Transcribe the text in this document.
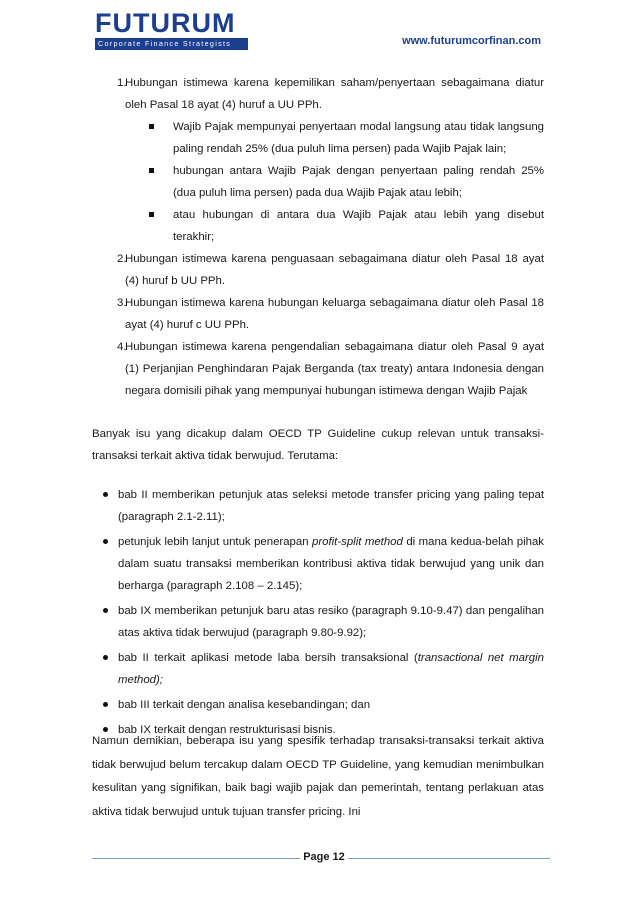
FUTURUM
Corporate Finance Strategists	www.futurumcorfinan.com
1.
Hubungan istimewa karena kepemilikan saham/penyertaan sebagaimana diatur oleh Pasal 18 ayat (4) huruf a UU PPh.
Wajib Pajak mempunyai penyertaan modal langsung atau tidak langsung paling rendah 25% (dua puluh lima persen) pada Wajib Pajak lain;
hubungan antara Wajib Pajak dengan penyertaan paling rendah 25% (dua puluh lima persen) pada dua Wajib Pajak atau lebih;
atau hubungan di antara dua Wajib Pajak atau lebih yang disebut terakhir;
2.
Hubungan istimewa karena penguasaan sebagaimana diatur oleh Pasal 18 ayat (4) huruf b UU PPh.
3.
Hubungan istimewa karena hubungan keluarga sebagaimana diatur oleh Pasal 18 ayat (4) huruf c UU PPh.
4.
Hubungan istimewa karena pengendalian sebagaimana diatur oleh Pasal 9 ayat (1) Perjanjian Penghindaran Pajak Berganda (tax treaty) antara Indonesia dengan negara domisili pihak yang mempunyai hubungan istimewa dengan Wajib Pajak
Banyak isu yang dicakup dalam OECD TP Guideline cukup relevan untuk transaksi-transaksi terkait aktiva tidak berwujud. Terutama:
bab II memberikan petunjuk atas seleksi metode transfer pricing yang paling tepat (paragraph 2.1-2.11);
petunjuk lebih lanjut untuk penerapan profit-split method di mana kedua-belah pihak dalam suatu transaksi memberikan kontribusi aktiva tidak berwujud yang unik dan berharga (paragraph 2.108 – 2.145);
bab IX memberikan petunjuk baru atas resiko (paragraph 9.10-9.47) dan pengalihan atas aktiva tidak berwujud (paragraph 9.80-9.92);
bab II terkait aplikasi metode laba bersih transaksional (transactional net margin method);
bab III terkait dengan analisa kesebandingan; dan
bab IX terkait dengan restrukturisasi bisnis.
Namun demikian, beberapa isu yang spesifik terhadap transaksi-transaksi terkait aktiva tidak berwujud belum tercakup dalam OECD TP Guideline, yang kemudian menimbulkan kesulitan yang signifikan, baik bagi wajib pajak dan pemerintah, tentang perlakuan atas aktiva tidak berwujud untuk tujuan transfer pricing. Ini
Page 12
